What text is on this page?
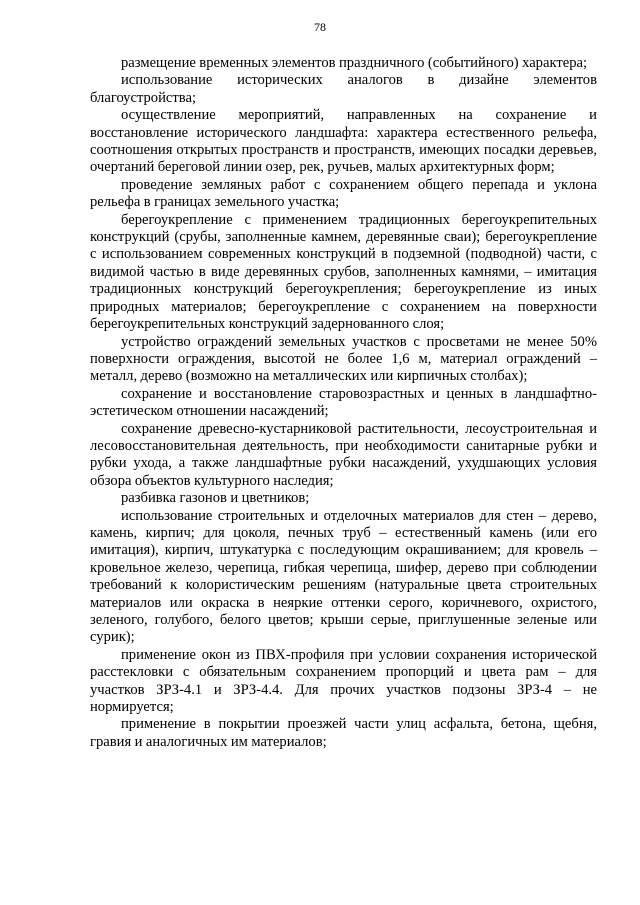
78

размещение временных элементов праздничного (событийного) характера;

использование исторических аналогов в дизайне элементов благоустройства;

осуществление мероприятий, направленных на сохранение и восстановление исторического ландшафта: характера естественного рельефа, соотношения открытых пространств и пространств, имеющих посадки деревьев, очертаний береговой линии озер, рек, ручьев, малых архитектурных форм;

проведение земляных работ с сохранением общего перепада и уклона рельефа в границах земельного участка;

берегоукрепление с применением традиционных берегоукрепительных конструкций (срубы, заполненные камнем, деревянные сваи); берегоукрепление с использованием современных конструкций в подземной (подводной) части, с видимой частью в виде деревянных срубов, заполненных камнями, – имитация традиционных конструкций берегоукрепления; берегоукрепление из иных природных материалов; берегоукрепление с сохранением на поверхности берегоукрепительных конструкций задернованного слоя;

устройство ограждений земельных участков с просветами не менее 50% поверхности ограждения, высотой не более 1,6 м, материал ограждений – металл, дерево (возможно на металлических или кирпичных столбах);

сохранение и восстановление старовозрастных и ценных в ландшафтно-эстетическом отношении насаждений;

сохранение древесно-кустарниковой растительности, лесоустроительная и лесовосстановительная деятельность, при необходимости санитарные рубки и рубки ухода, а также ландшафтные рубки насаждений, ухудшающих условия обзора объектов культурного наследия;

разбивка газонов и цветников;

использование строительных и отделочных материалов для стен – дерево, камень, кирпич; для цоколя, печных труб – естественный камень (или его имитация), кирпич, штукатурка с последующим окрашиванием; для кровель – кровельное железо, черепица, гибкая черепица, шифер, дерево при соблюдении требований к колористическим решениям (натуральные цвета строительных материалов или окраска в неяркие оттенки серого, коричневого, охристого, зеленого, голубого, белого цветов; крыши серые, приглушенные зеленые или сурик);

применение окон из ПВХ-профиля при условии сохранения исторической расстекловки с обязательным сохранением пропорций и цвета рам – для участков ЗРЗ-4.1 и ЗРЗ-4.4. Для прочих участков подзоны ЗРЗ-4 – не нормируется;

применение в покрытии проезжей части улиц асфальта, бетона, щебня, гравия и аналогичных им материалов;
